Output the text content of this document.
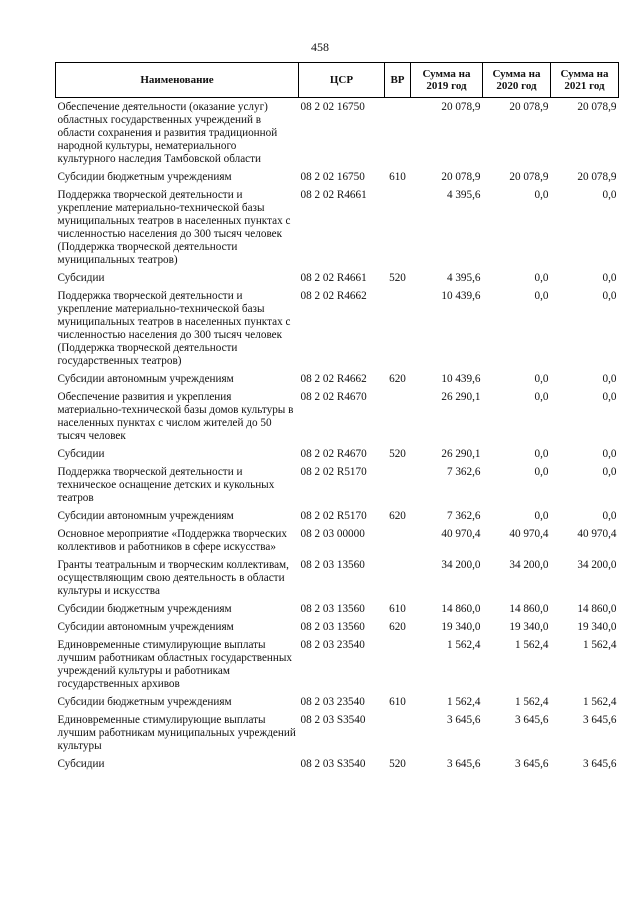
458
Наименование	ЦСР	ВР	Сумма на 2019 год	Сумма на 2020 год	Сумма на 2021 год
Обеспечение деятельности (оказание услуг) областных государственных учреждений в области сохранения и развития традиционной народной культуры, нематериального культурного наследия Тамбовской области	08 2 02 16750		20 078,9	20 078,9	20 078,9
Субсидии бюджетным учреждениям	08 2 02 16750	610	20 078,9	20 078,9	20 078,9
Поддержка творческой деятельности и укрепление материально-технической базы муниципальных театров в населенных пунктах с численностью населения до 300 тысяч человек (Поддержка творческой деятельности муниципальных театров)	08 2 02 R4661		4 395,6	0,0	0,0
Субсидии	08 2 02 R4661	520	4 395,6	0,0	0,0
Поддержка творческой деятельности и укрепление материально-технической базы муниципальных театров в населенных пунктах с численностью населения до 300 тысяч человек (Поддержка творческой деятельности государственных театров)	08 2 02 R4662		10 439,6	0,0	0,0
Субсидии автономным учреждениям	08 2 02 R4662	620	10 439,6	0,0	0,0
Обеспечение развития и укрепления материально-технической базы домов культуры в населенных пунктах с числом жителей до 50 тысяч человек	08 2 02 R4670		26 290,1	0,0	0,0
Субсидии	08 2 02 R4670	520	26 290,1	0,0	0,0
Поддержка творческой деятельности и техническое оснащение детских и кукольных театров	08 2 02 R5170		7 362,6	0,0	0,0
Субсидии автономным учреждениям	08 2 02 R5170	620	7 362,6	0,0	0,0
Основное мероприятие «Поддержка творческих коллективов и работников в сфере искусства»	08 2 03 00000		40 970,4	40 970,4	40 970,4
Гранты театральным и творческим коллективам, осуществляющим свою деятельность в области культуры и искусства	08 2 03 13560		34 200,0	34 200,0	34 200,0
Субсидии бюджетным учреждениям	08 2 03 13560	610	14 860,0	14 860,0	14 860,0
Субсидии автономным учреждениям	08 2 03 13560	620	19 340,0	19 340,0	19 340,0
Единовременные стимулирующие выплаты лучшим работникам областных государственных учреждений культуры и работникам государственных архивов	08 2 03 23540		1 562,4	1 562,4	1 562,4
Субсидии бюджетным учреждениям	08 2 03 23540	610	1 562,4	1 562,4	1 562,4
Единовременные стимулирующие выплаты лучшим работникам муниципальных учреждений культуры	08 2 03 S3540		3 645,6	3 645,6	3 645,6
Субсидии	08 2 03 S3540	520	3 645,6	3 645,6	3 645,6
